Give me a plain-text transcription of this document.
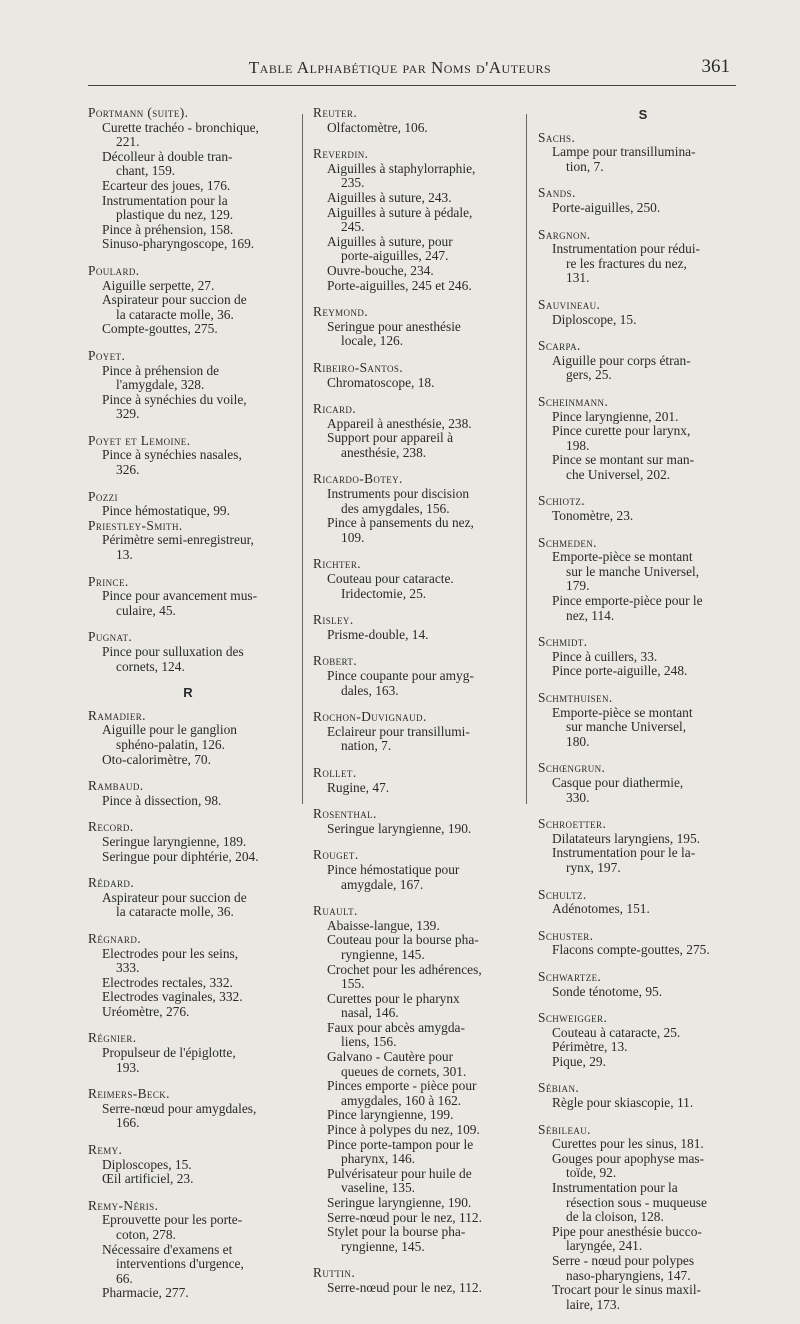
Table Alphabétique par Noms d'Auteurs	361
Portmann (suite).
Curette trachéo - bronchique,
221.
Décolleur à double tran-
chant, 159.
Ecarteur des joues, 176.
Instrumentation pour la
plastique du nez, 129.
Pince à préhension, 158.
Sinuso-pharyngoscope, 169.
Poulard.
Aiguille serpette, 27.
Aspirateur pour succion de
la cataracte molle, 36.
Compte-gouttes, 275.
Poyet.
Pince à préhension de
l'amygdale, 328.
Pince à synéchies du voile,
329.
Poyet et Lemoine.
Pince à synéchies nasales,
326.
Pozzi
Pince hémostatique, 99.
Priestley-Smith.
Périmètre semi-enregistreur,
13.
Prince.
Pince pour avancement mus-
culaire, 45.
Pugnat.
Pince pour sulluxation des
cornets, 124.
R
Ramadier.
Aiguille pour le ganglion
sphéno-palatin, 126.
Oto-calorimètre, 70.
Rambaud.
Pince à dissection, 98.
Record.
Seringue laryngienne, 189.
Seringue pour diphtérie, 204.
Rédard.
Aspirateur pour succion de
la cataracte molle, 36.
Régnard.
Electrodes pour les seins,
333.
Electrodes rectales, 332.
Electrodes vaginales, 332.
Uréomètre, 276.
Régnier.
Propulseur de l'épiglotte,
193.
Reimers-Beck.
Serre-nœud pour amygdales,
166.
Remy.
Diploscopes, 15.
Œil artificiel, 23.
Remy-Néris.
Eprouvette pour les porte-
coton, 278.
Nécessaire d'examens et
interventions d'urgence,
66.
Pharmacie, 277.
Reuter.
Olfactomètre, 106.
Reverdin.
Aiguilles à staphylorraphie,
235.
Aiguilles à suture, 243.
Aiguilles à suture à pédale,
245.
Aiguilles à suture, pour
porte-aiguilles, 247.
Ouvre-bouche, 234.
Porte-aiguilles, 245 et 246.
Reymond.
Seringue pour anesthésie
locale, 126.
Ribeiro-Santos.
Chromatoscope, 18.
Ricard.
Appareil à anesthésie, 238.
Support pour appareil à
anesthésie, 238.
Ricardo-Botey.
Instruments pour discision
des amygdales, 156.
Pince à pansements du nez,
109.
Richter.
Couteau pour cataracte.
Iridectomie, 25.
Risley.
Prisme-double, 14.
Robert.
Pince coupante pour amyg-
dales, 163.
Rochon-Duvignaud.
Eclaireur pour transillumi-
nation, 7.
Rollet.
Rugine, 47.
Rosenthal.
Seringue laryngienne, 190.
Rouget.
Pince hémostatique pour
amygdale, 167.
Ruault.
Abaisse-langue, 139.
Couteau pour la bourse pha-
ryngienne, 145.
Crochet pour les adhérences,
155.
Curettes pour le pharynx
nasal, 146.
Faux pour abcès amygda-
liens, 156.
Galvano - Cautère pour
queues de cornets, 301.
Pinces emporte - pièce pour
amygdales, 160 à 162.
Pince laryngienne, 199.
Pince à polypes du nez, 109.
Pince porte-tampon pour le
pharynx, 146.
Pulvérisateur pour huile de
vaseline, 135.
Seringue laryngienne, 190.
Serre-nœud pour le nez, 112.
Stylet pour la bourse pha-
ryngienne, 145.
Ruttin.
Serre-nœud pour le nez, 112.
S
Sachs.
Lampe pour transillumina-
tion, 7.
Sands.
Porte-aiguilles, 250.
Sargnon.
Instrumentation pour rédui-
re les fractures du nez,
131.
Sauvineau.
Diploscope, 15.
Scarpa.
Aiguille pour corps étran-
gers, 25.
Scheinmann.
Pince laryngienne, 201.
Pince curette pour larynx,
198.
Pince se montant sur man-
che Universel, 202.
Schiotz.
Tonomètre, 23.
Schmeden.
Emporte-pièce se montant
sur le manche Universel,
179.
Pince emporte-pièce pour le
nez, 114.
Schmidt.
Pince à cuillers, 33.
Pince porte-aiguille, 248.
Schmthuisen.
Emporte-pièce se montant
sur manche Universel,
180.
Schœngrun.
Casque pour diathermie,
330.
Schroetter.
Dilatateurs laryngiens, 195.
Instrumentation pour le la-
rynx, 197.
Schultz.
Adénotomes, 151.
Schuster.
Flacons compte-gouttes, 275.
Schwartze.
Sonde ténotome, 95.
Schweigger.
Couteau à cataracte, 25.
Périmètre, 13.
Pique, 29.
Sébian.
Règle pour skiascopie, 11.
Sébileau.
Curettes pour les sinus, 181.
Gouges pour apophyse mas-
toïde, 92.
Instrumentation pour la
résection sous - muqueuse
de la cloison, 128.
Pipe pour anesthésie bucco-
laryngée, 241.
Serre - nœud pour polypes
naso-pharyngiens, 147.
Trocart pour le sinus maxil-
laire, 173.
